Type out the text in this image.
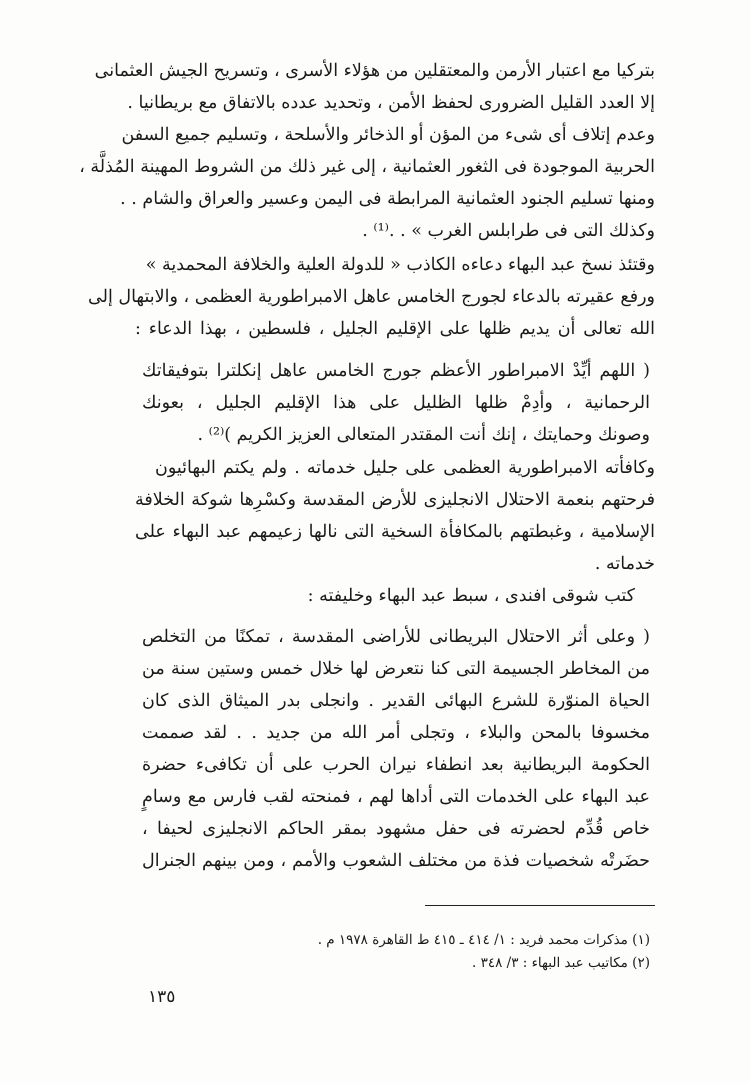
بتركيا مع اعتبار الأرمن والمعتقلين من هؤلاء الأسرى ، وتسريح الجيش العثمانى
إلا العدد القليل الضرورى لحفظ الأمن ، وتحديد عدده بالاتفاق مع بريطانيا .
وعدم إتلاف أى شىء من المؤن أو الذخائر والأسلحة ، وتسليم جميع السفن
الحربية الموجودة فى الثغور العثمانية ، إلى غير ذلك من الشروط المهينة المُذلَّة ،
ومنها تسليم الجنود العثمانية المرابطة فى اليمن وعسير والعراق والشام . .
وكذلك التى فى طرابلس الغرب » . .⁽¹⁾ .
وقتئذ نسخ عبد البهاء دعاءه الكاذب « للدولة العلية والخلافة المحمدية »
ورفع عقيرته بالدعاء لجورج الخامس عاهل الامبراطورية العظمى ، والابتهال إلى
الله تعالى أن يديم ظلها على الإقليم الجليل ، فلسطين ، بهذا الدعاء :
( اللهم أيِّدْ الامبراطور الأعظم جورج الخامس عاهل إنكلترا بتوفيقاتك
الرحمانية ، وأدِمْ ظلها الظليل على هذا الإقليم الجليل ، بعونك
وصونك وحمايتك ، إنك أنت المقتدر المتعالى العزيز الكريم )⁽²⁾ .
وكافأته الامبراطورية العظمى على جليل خدماته . ولم يكتم البهائيون
فرحتهم بنعمة الاحتلال الانجليزى للأرض المقدسة وكسْرِها شوكة الخلافة
الإسلامية ، وغبطتهم بالمكافأة السخية التى نالها زعيمهم عبد البهاء على
خدماته .
كتب شوقى افندى ، سبط عبد البهاء وخليفته :
( وعلى أثر الاحتلال البريطانى للأراضى المقدسة ، تمكنًا من التخلص
من المخاطر الجسيمة التى كنا نتعرض لها خلال خمس وستين سنة من
الحياة المنوّرة للشرع البهائى القدير . وانجلى بدر الميثاق الذى كان
مخسوفا بالمحن والبلاء ، وتجلى أمر الله من جديد . . لقد صممت
الحكومة البريطانية بعد انطفاء نيران الحرب على أن تكافىء حضرة
عبد البهاء على الخدمات التى أداها لهم ، فمنحته لقب فارس مع وسامٍ
خاص قُدِّم لحضرته فى حفل مشهود بمقر الحاكم الانجليزى لحيفا ،
حضَرتْه شخصيات فذة من مختلف الشعوب والأمم ، ومن بينهم الجنرال
(١) مذكرات محمد فريد : ١/ ٤١٤ ـ ٤١٥ ط القاهرة ١٩٧٨ م .
(٢) مكاتيب عبد البهاء : ٣/ ٣٤٨ .
١٣٥
